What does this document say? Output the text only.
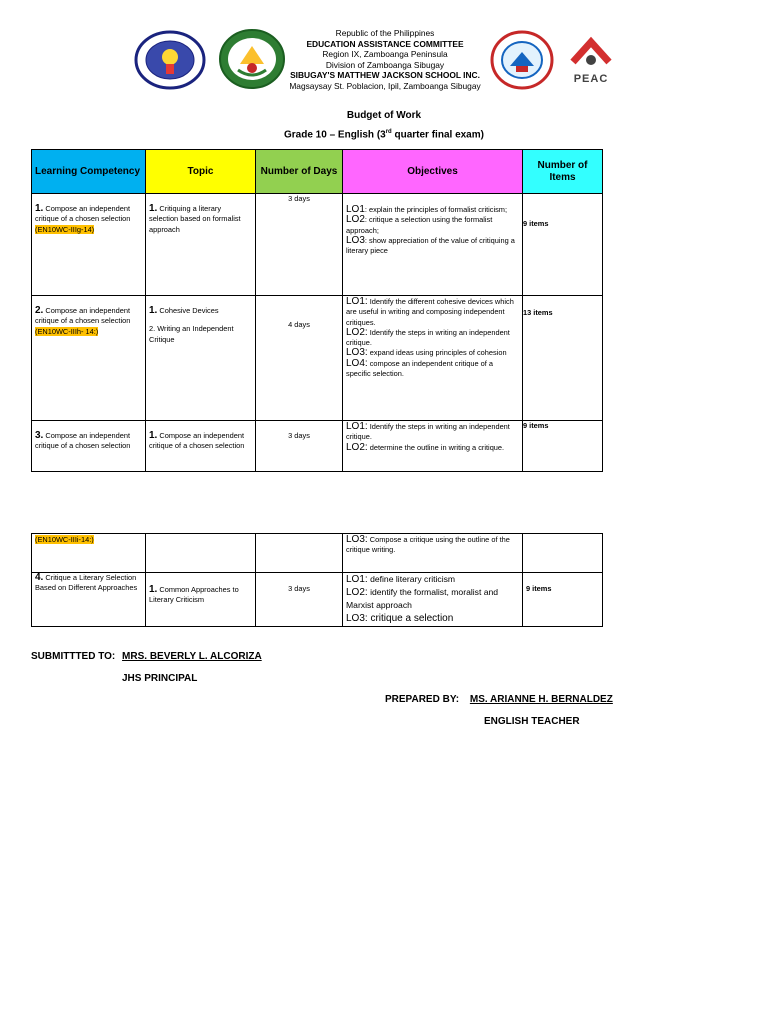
PEAC
Republic of the Philippines
EDUCATION ASSISTANCE COMMITTEE
Region IX, Zamboanga Peninsula
Division of Zamboanga Sibugay
SIBUGAY'S MATTHEW JACKSON SCHOOL INC.
Magsaysay St. Poblacion, Ipil, Zamboanga Sibugay
Budget of Work
Grade 10 – English (3rd quarter final exam)
Learning Competency	Topic	Number of Days	Objectives	Number of Items

1. Compose an independent critique of a chosen selection (EN10WC-IIIg-14)	1. Critiquing a literary selection based on formalist approach	3 days	LO1: explain the principles of formalist criticism;
LO2: critique a selection using the formalist approach;
LO3: show appreciation of the value of critiquing a literary piece	9 items

2. Compose an independent critique of a chosen selection (EN10WC-IIIh- 14:)	1. Cohesive Devices
2. Writing an Independent Critique	4 days	LO1: Identify the different cohesive devices which are useful in writing and composing independent critiques.
LO2: Identify the steps in writing an independent critique.
LO3: expand ideas using principles of cohesion
LO4: compose an independent critique of a specific selection.	13 items

3. Compose an independent critique of a chosen selection	1. Compose an independent critique of a chosen selection	3 days	LO1: Identify the steps in writing an independent critique.
LO2: determine the outline in writing a critique.	9 items
(EN10WC-IIIi-14:)			LO3: Compose a critique using the outline of the critique writing.	

4. Critique a Literary Selection Based on Different Approaches	1. Common Approaches to Literary Criticism	3 days	LO1: define literary criticism
LO2: identify the formalist, moralist and Marxist approach
LO3: critique a selection	9 items
SUBMITTTED TO: MRS. BEVERLY L. ALCORIZA
JHS PRINCIPAL
PREPARED BY: MS. ARIANNE H. BERNALDEZ
ENGLISH TEACHER
